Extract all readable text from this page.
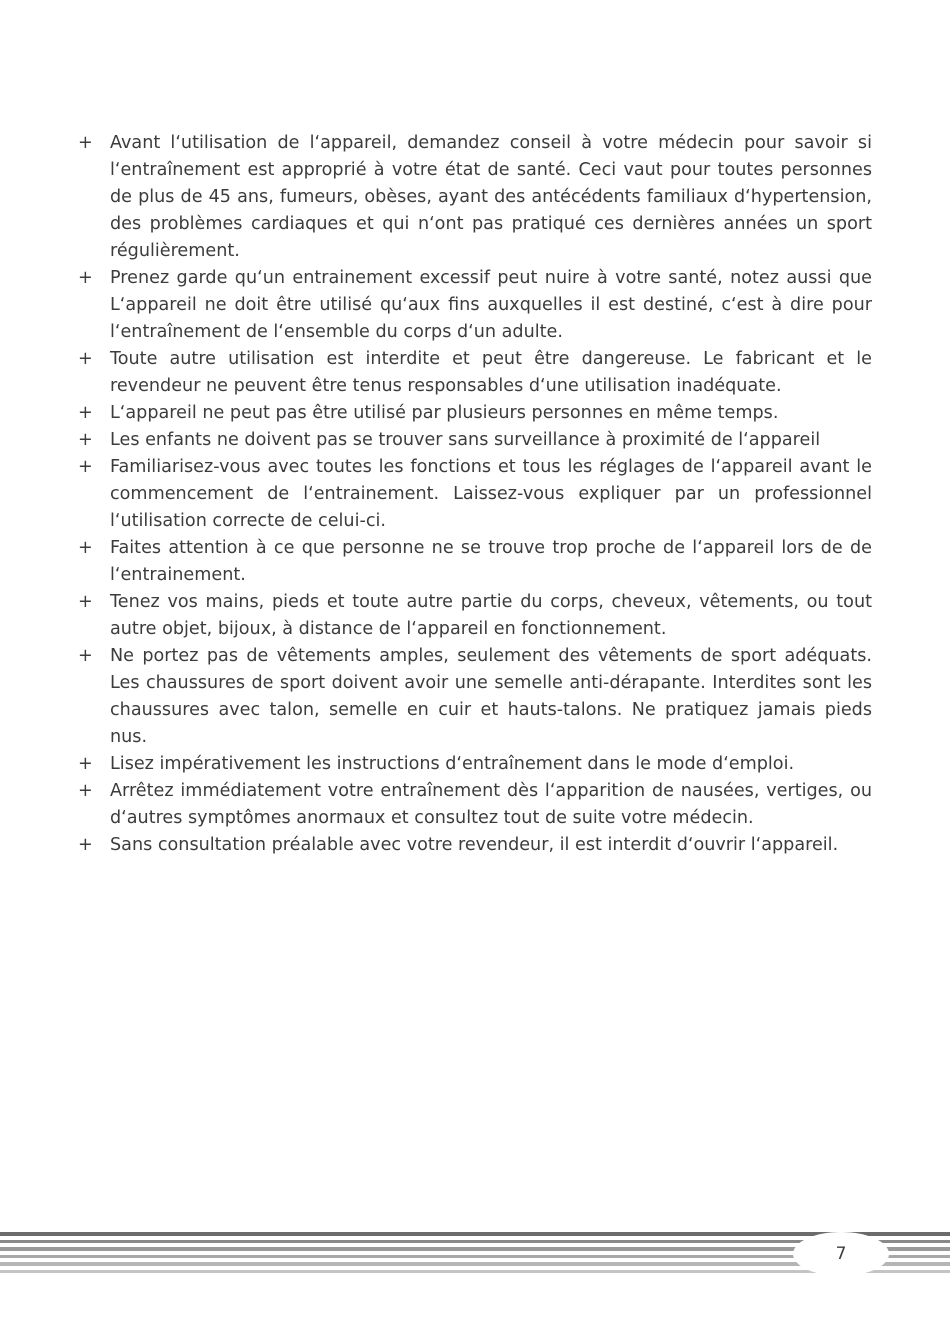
+ Avant l‘utilisation de l‘appareil, demandez conseil à votre médecin pour savoir si l‘entraînement est approprié à votre état de santé. Ceci vaut pour toutes personnes de plus de 45 ans, fumeurs, obèses, ayant des antécédents familiaux d‘hypertension, des problèmes cardiaques et qui n‘ont pas pratiqué ces dernières années un sport régulièrement.
+ Prenez garde qu‘un entrainement excessif peut nuire à votre santé, notez aussi que L‘appareil ne doit être utilisé qu‘aux fins auxquelles il est destiné, c‘est à dire pour l‘entraînement de l‘ensemble du corps d‘un adulte.
+ Toute autre utilisation est interdite et peut être dangereuse. Le fabricant et le revendeur ne peuvent être tenus responsables d‘une utilisation inadéquate.
+ L‘appareil ne peut pas être utilisé par plusieurs personnes en même temps.
+ Les enfants ne doivent pas se trouver sans surveillance à proximité de l‘appareil
+ Familiarisez-vous avec toutes les fonctions et tous les réglages de l‘appareil avant le commencement de l‘entrainement. Laissez-vous expliquer par un professionnel l‘utilisation correcte de celui-ci.
+ Faites attention à ce que personne ne se trouve trop proche de l‘appareil lors de de l‘entrainement.
+ Tenez vos mains, pieds et toute autre partie du corps, cheveux, vêtements, ou tout autre objet, bijoux, à distance de l‘appareil en fonctionnement.
+ Ne portez pas de vêtements amples, seulement des vêtements de sport adéquats. Les chaussures de sport doivent avoir une semelle anti-dérapante. Interdites sont les chaussures avec talon, semelle en cuir et hauts-talons. Ne pratiquez jamais pieds nus.
+ Lisez impérativement les instructions d‘entraînement dans le mode d‘emploi.
+ Arrêtez immédiatement votre entraînement dès l‘apparition de nausées, vertiges, ou d‘autres symptômes anormaux et consultez tout de suite votre médecin.
+ Sans consultation préalable avec votre revendeur, il est interdit d‘ouvrir l‘appareil.
7
